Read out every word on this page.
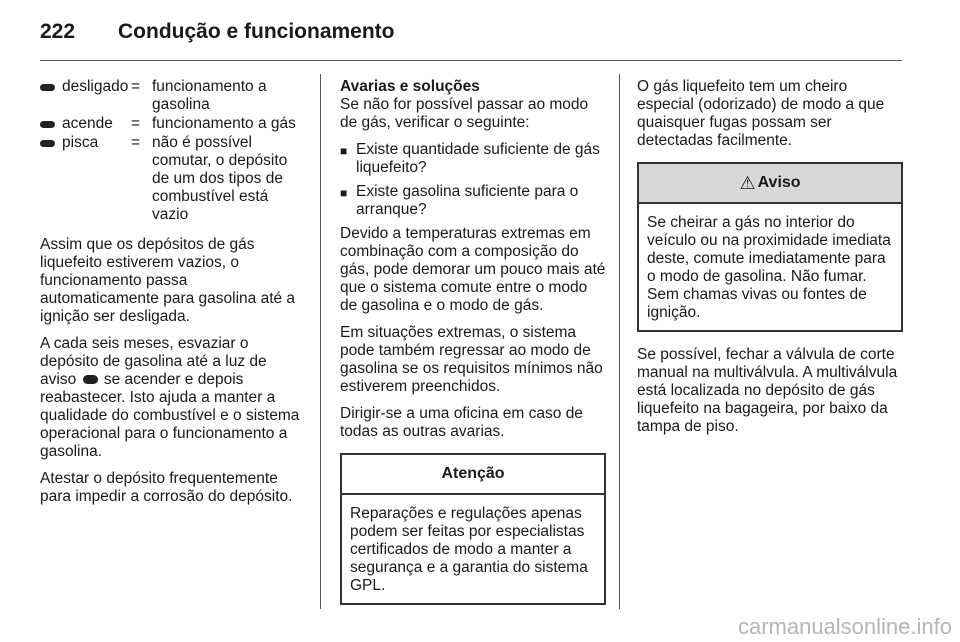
222	Condução e funcionamento
desligado = funcionamento a gasolina
acende = funcionamento a gás
pisca = não é possível comutar, o depósito de um dos tipos de combustível está vazio

Assim que os depósitos de gás liquefeito estiverem vazios, o funcionamento passa automaticamente para gasolina até a ignição ser desligada.

A cada seis meses, esvaziar o depósito de gasolina até a luz de aviso se acender e depois reabastecer. Isto ajuda a manter a qualidade do combustível e o sistema operacional para o funcionamento a gasolina.

Atestar o depósito frequentemente para impedir a corrosão do depósito.

Avarias e soluções

Se não for possível passar ao modo de gás, verificar o seguinte:

■ Existe quantidade suficiente de gás liquefeito?
■ Existe gasolina suficiente para o arranque?

Devido a temperaturas extremas em combinação com a composição do gás, pode demorar um pouco mais até que o sistema comute entre o modo de gasolina e o modo de gás.

Em situações extremas, o sistema pode também regressar ao modo de gasolina se os requisitos mínimos não estiverem preenchidos.

Dirigir-se a uma oficina em caso de todas as outras avarias.

Atenção
Reparações e regulações apenas podem ser feitas por especialistas certificados de modo a manter a segurança e a garantia do sistema GPL.

O gás liquefeito tem um cheiro especial (odorizado) de modo a que quaisquer fugas possam ser detectadas facilmente.

⚠ Aviso
Se cheirar a gás no interior do veículo ou na proximidade imediata deste, comute imediatamente para o modo de gasolina. Não fumar. Sem chamas vivas ou fontes de ignição.

Se possível, fechar a válvula de corte manual na multiválvula. A multiválvula está localizada no depósito de gás liquefeito na bagageira, por baixo da tampa de piso.

carmanualsonline.info
